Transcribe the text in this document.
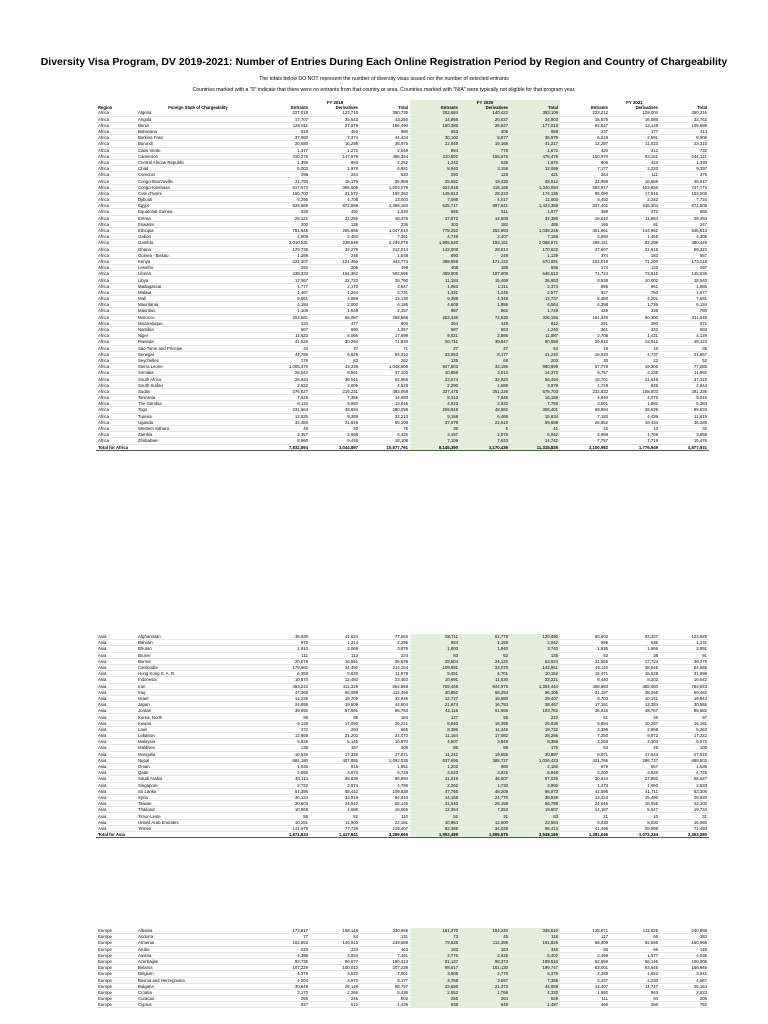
Diversity Visa Program, DV 2019-2021: Number of Entries During Each Online Registration Period by Region and Country of Chargeability
The totals below DO NOT represent the number of diversity visas issued nor the number of selected entrants
Countries marked with a "0" indicate that there were no entrants from that country or area. Countries marked with "N/A" were typically not eligible for that program year.
		FY 2019			FY 2020			FY 2021		
Region	Foreign State of Chargeability	Entrants	Derivatives	Total	Entrants	Derivatives	Total	Entrants	Derivatives	Total
Africa	Algeria	227,019	123,716	350,735	252,684	140,422	393,106	223,212	129,004	350,216
Africa	Angola	17,707	25,543	43,250	14,866	20,037	34,903	16,676	16,086	32,762
Africa	Benin	128,911	27,579	156,490	150,386	26,627	177,013	92,847	13,149	105,996
Africa	Botswana	518	462	980	553	406	959	237	177	414
Africa	Burkina Faso	37,060	7,374	44,434	30,102	5,877	35,979	6,318	2,591	8,909
Africa	Burundi	20,680	16,295	36,975	22,049	19,168	41,217	12,287	11,023	23,310
Africa	Cabo Verde	1,377	1,272	2,649	894	778	1,672	420	312	732
Africa	Cameroon	310,375	147,979	458,354	310,802	165,676	476,478	150,970	93,151	244,121
Africa	Central African Republic	1,359	893	2,252	1,242	636	1,878	906	424	1,330
Africa	Chad	5,003	1,978	6,981	8,940	3,159	12,099	7,177	2,220	9,397
Africa	Comoros	296	224	520	293	128	421	264	111	375
Africa	Congo-Brazzaville	21,793	15,175	36,968	25,582	19,430	45,012	21,958	16,659	38,617
Africa	Congo-Kinshasa	617,573	385,505	1,003,078	924,918	415,166	1,340,084	593,917	153,856	747,773
Africa	Cote d'Ivoire	160,700	31,572	192,362	145,913	28,223	174,136	85,090	17,916	103,006
Africa	Djibouti	8,295	4,708	13,003	7,586	4,017	11,603	5,492	2,242	7,734
Africa	Egypt	525,585	872,598	1,398,183	525,717	897,641	1,423,358	327,401	545,304	872,505
Africa	Equatorial Guinea	528	492	1,020	566	511	1,077	388	272	660
Africa	Eritrea	26,121	22,255	48,376	17,872	14,508	32,380	16,610	11,884	28,494
Africa	Eswatini	200	136	336	303	182	485	166	81	247
Africa	Ethiopia	781,945	265,665	1,047,610	775,252	262,993	1,038,245	401,661	144,952	546,613
Africa	Gabon	4,909	2,452	7,361	4,749	2,407	7,156	2,850	1,455	4,305
Africa	Gambia	2,010,531	238,548	2,249,079	1,905,520	183,151	2,088,671	298,151	82,298	380,449
Africa	Ghana	179,735	32,279	212,014	142,008	28,614	170,622	47,607	21,615	69,222
Africa	Guinea - Bissau	1,289	248	1,538	890	249	1,139	374	183	557
Africa	Kenya	322,307	121,466	443,773	398,959	171,122	570,081	102,018	71,200	173,218
Africa	Lesotho	292	206	498	408	188	596	174	123	297
Africa	Liberia	438,333	154,362	592,695	459,005	187,608	646,613	71,724	73,815	145,539
Africa	Libya	17,067	22,723	39,790	11,184	15,469	26,653	8,538	10,002	18,540
Africa	Madagascar	1,777	2,170	3,947	1,063	1,311	2,374	895	961	1,856
Africa	Malawi	1,467	1,264	2,731	1,331	1,246	2,577	927	750	1,677
Africa	Mali	9,061	4,069	13,130	9,389	4,348	13,737	5,480	2,201	7,681
Africa	Mauritania	4,184	2,002	6,186	4,609	1,955	6,564	4,398	1,736	6,134
Africa	Mauritius	1,109	1,048	2,157	887	862	1,749	425	335	760
Africa	Morocco	203,581	55,087	258,668	253,336	72,830	326,166	161,349	50,300	211,649
Africa	Mozambique	423	477	900	364	448	812	291	280	571
Africa	Namibia	667	690	1,357	587	653	1,240	361	332	693
Africa	Niger	11,633	6,066	17,699	9,021	2,866	11,887	2,708	1,421	4,129
Africa	Rwanda	41,526	30,294	71,820	50,711	39,847	90,558	26,612	22,511	49,123
Africa	Sao Tome and Principe	34	37	71	27	27	54	19	16	35
Africa	Senegal	44,785	9,525	54,310	33,063	8,177	41,240	16,020	4,737	21,657
Africa	Seychelles	179	83	262	135	68	203	30	22	52
Africa	Sierra Leone	1,005,370	43,239	1,048,609	947,803	33,196	980,999	57,779	19,306	77,085
Africa	Somalia	28,542	8,561	37,103	10,859	3,514	14,373	9,757	2,235	11,992
Africa	South Africa	26,924	36,041	62,965	23,574	32,920	56,494	15,701	21,618	37,319
Africa	South Sudan	2,522	2,006	4,528	2,290	1,689	3,979	1,719	925	2,644
Africa	Sudan	276,827	216,231	493,058	327,475	251,228	578,703	232,832	158,503	391,335
Africa	Tanzania	7,628	7,355	14,983	8,313	7,846	16,159	4,940	4,076	9,016
Africa	The Gambia	8,134	5,682	13,816	4,923	2,832	7,755	3,501	1,882	5,383
Africa	Togo	231,564	48,694	280,258	259,819	48,582	308,401	68,994	26,539	95,533
Africa	Tunisia	13,825	8,388	22,213	9,168	6,466	15,634	7,183	4,436	11,619
Africa	Uganda	33,460	21,649	55,109	37,079	22,619	59,698	26,852	18,434	45,286
Africa	Western Sahara	49	26	75	36	5	41	22	10	32
Africa	Zambia	3,357	3,068	6,425	3,167	2,875	6,042	2,089	1,769	3,858
Africa	Zimbabwe	8,660	9,448	18,108	7,109	7,633	14,742	7,757	7,719	15,476
Total for Africa		7,832,894	3,044,897	10,877,791	8,145,390	3,170,436	11,315,826	3,100,982	1,776,949	4,877,931
Asia	Afghanistan	35,939	41,624	77,563	58,711	61,779	120,490	60,602	63,327	123,929
Asia	Bahrain	972	1,314	2,286	884	1,158	2,042	595	636	1,231
Asia	Bhutan	1,910	2,069	3,979	1,800	1,940	3,740	1,925	1,966	3,891
Asia	Brunei	111	113	224	83	52	135	53	38	91
Asia	Burma	20,078	16,561	36,639	29,504	24,120	53,624	21,555	17,724	39,279
Asia	Cambodia	179,662	34,492	214,154	109,881	33,070	142,951	46,110	38,545	84,655
Asia	Hong Kong S. A. R.	6,358	5,620	11,978	5,451	4,701	10,152	16,471	15,528	31,999
Asia	Indonesia	10,970	12,493	23,463	10,691	11,530	22,221	8,440	8,202	16,642
Asia	Iran	453,242	411,326	864,568	709,469	644,975	1,354,444	408,883	355,060	763,943
Asia	Iraq	47,368	65,088	112,456	40,852	55,254	96,106	31,197	38,265	69,462
Asia	Israel	14,236	18,709	32,945	12,727	16,680	29,407	8,703	10,141	18,844
Asia	Japan	24,895	19,609	44,504	21,674	16,793	38,467	17,181	13,384	30,565
Asia	Jordan	39,092	57,691	96,783	42,116	61,666	103,782	36,815	48,767	85,582
Asia	Korea, North	99	85	184	127	95	222	51	46	97
Asia	Kuwait	9,128	17,093	26,221	8,640	16,395	25,035	5,894	10,287	16,181
Asia	Laos	372	293	665	8,386	11,346	19,732	2,395	2,868	5,263
Asia	Lebanon	12,868	21,202	34,070	11,184	17,082	28,266	7,250	9,972	17,222
Asia	Malaysia	5,825	5,145	10,970	4,507	3,849	8,356	3,269	2,303	5,572
Asia	Maldives	138	167	305	86	89	175	54	46	100
Asia	Mongolia	10,546	17,325	27,871	11,242	19,655	30,897	9,871	17,644	27,515
Asia	Nepal	684,180	407,855	1,092,035	637,696	388,727	1,026,423	421,765	266,737	688,502
Asia	Oman	1,036	915	1,951	1,202	980	2,182	979	657	1,636
Asia	Qatar	2,855	3,873	6,728	3,023	3,925	6,948	2,200	2,526	4,726
Asia	Saudi Arabia	40,114	45,836	85,950	41,019	46,007	87,026	30,644	27,883	58,527
Asia	Singapore	2,722	2,074	4,796	2,262	1,730	3,992	1,473	1,060	2,533
Asia	Sri Lanka	51,396	58,442	109,838	47,765	48,208	95,973	41,595	41,711	83,306
Asia	Syria	30,124	33,919	64,043	14,168	24,770	38,938	13,424	15,496	28,920
Asia	Taiwan	30,603	24,542	55,145	31,640	25,158	56,798	24,045	18,055	42,100
Asia	Thailand	10,969	4,686	15,655	12,354	7,253	19,607	14,187	5,547	19,734
Asia	Timor-Leste	58	52	110	52	31	83	21	10	31
Asia	United Arab Emirates	10,281	11,900	22,181	10,964	12,600	23,564	8,030	8,030	16,060
Asia	Yemen	141,679	77,728	219,407	62,385	34,028	96,413	41,495	29,998	71,493
Total for Asia		1,871,834	1,417,841	3,289,665	1,952,489	1,595,676	3,548,165	1,281,046	1,072,234	2,353,280
Europe	Albania	172,817	158,148	330,965	181,270	164,240	345,510	128,871	112,025	240,896
Europe	Andorra	77	54	131	73	45	118	117	66	183
Europe	Armenia	102,653	146,915	249,568	79,628	112,398	191,826	68,309	92,656	160,965
Europe	Aruba	240	223	463	183	163	346	93	56	149
Europe	Austria	4,398	3,053	7,451	3,776	2,626	6,402	2,459	1,577	4,036
Europe	Azerbaijan	93,736	96,677	190,413	81,137	98,373	189,510	52,659	56,146	108,805
Europe	Belarus	107,229	100,010	207,239	98,617	101,130	199,747	83,001	83,645	166,646
Europe	Belgium	4,379	3,522	7,901	3,608	2,770	6,378	2,289	1,652	3,941
Europe	Bosnia and Herzegovina	4,204	3,973	8,177	3,758	3,597	7,355	2,437	2,230	4,667
Europe	Bulgaria	30,649	28,148	58,797	22,696	21,373	44,069	14,407	11,747	26,154
Europe	Croatia	3,170	2,266	5,436	2,552	1,768	4,320	1,560	963	2,523
Europe	Curacao	256	246	502	265	264	529	111	94	205
Europe	Cyprus	827	612	1,439	838	649	1,487	466	286	752
